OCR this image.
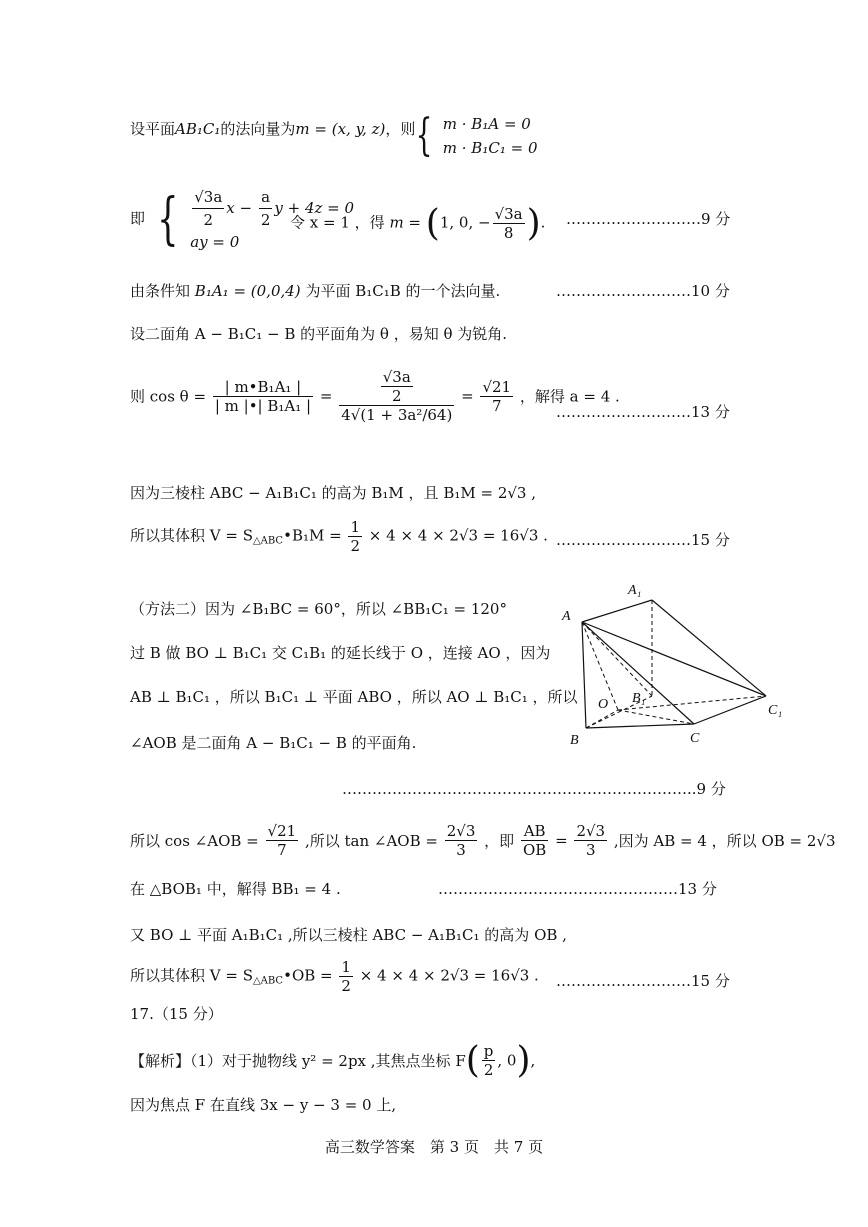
设平面AB₁C₁的法向量为m = (x, y, z)，则 { m · B₁A = 0
m · B₁C₁ = 0
即 { $\frac{√3a}{2}$ $x - \frac{a}{2}$ y + 4z = 0
ay = 0
令 x = 1 ，得 m = (1, 0, − $\frac{√3a}{8}$ ). ………………………9 分
由条件知 B₁A₁ = (0,0,4) 为平面 B₁C₁B 的一个法向量.	………………………10 分
设二面角 A − B₁C₁ − B 的平面角为 θ ，易知 θ 为锐角.
则 $\cos \theta = \frac{\text{| m•B₁A₁ |}}{\text{| m |•| B₁A₁ |}} = \frac{\frac{√3a}{2}}{\text{4√(1 + 3a²/64)}} = \frac{√21}{7}$ ，解得 a = 4 .
………………………13 分
因为三棱柱 ABC − A₁B₁C₁ 的高为 B₁M ，且 B₁M = 2√3 ,
所以其体积 $V = S_{\triangle ABC}•B_1M = \frac{1}{2} \times 4 \times 4 \times 2√3 = 16√3$ . ………………………15 分
（方法二）因为 ∠B₁BC = 60°，所以 ∠BB₁C₁ = 120°
过 B 做 BO ⊥ B₁C₁ 交 C₁B₁ 的延长线于 O ，连接 AO ，因为
AB ⊥ B₁C₁ ，所以 B₁C₁ ⊥ 平面 ABO ，所以 AO ⊥ B₁C₁ ，所以
∠AOB 是二面角 A − B₁C₁ − B 的平面角.
A
A₁
B
B₁
C
C₁
O
……………………………………………………………..9 分
所以 cos ∠AOB = $\frac{√21}{7}$ ,所以 tan ∠AOB = $\frac{2√3}{3}$ ，即 $\frac{AB}{OB} = \frac{2√3}{3}$ ,因为 AB = 4 ，所以 OB = 2√3
在 △BOB₁ 中，解得 BB₁ = 4 .	…………………………………………13 分
又 BO ⊥ 平面 A₁B₁C₁ ,所以三棱柱 ABC − A₁B₁C₁ 的高为 OB ,
所以其体积 $V = S_{\triangle ABC}•OB = \frac{1}{2} \times 4 \times 4 \times 2√3 = 16√3$ . ………………………15 分
17.（15 分）
【解析】（1）对于抛物线 y² = 2px ,其焦点坐标 $F( \frac{p}{2}$ , 0),
因为焦点 F 在直线 3x − y − 3 = 0 上,
高三数学答案　第 3 页　共 7 页
